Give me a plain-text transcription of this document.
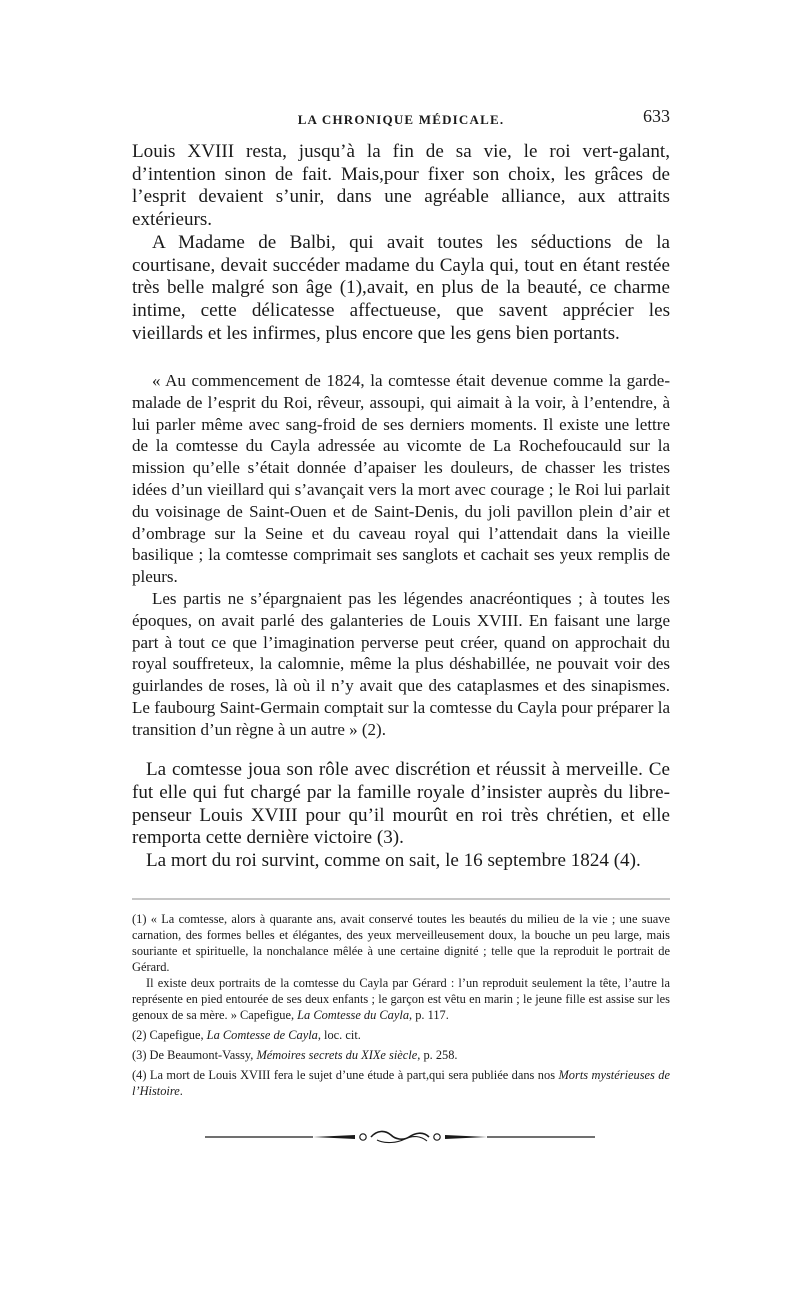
LA CHRONIQUE MÉDICALE.	633

Louis XVIII resta, jusqu’à la fin de sa vie, le roi vert-galant, d’intention sinon de fait. Mais,pour fixer son choix, les grâces de l’esprit devaient s’unir, dans une agréable alliance, aux attraits extérieurs.

A Madame de Balbi, qui avait toutes les séductions de la courtisane, devait succéder madame du Cayla qui, tout en étant restée très belle malgré son âge (1),avait, en plus de la beauté, ce charme intime, cette délicatesse affectueuse, que savent apprécier les vieillards et les infirmes, plus encore que les gens bien portants.

« Au commencement de 1824, la comtesse était devenue comme la garde-malade de l’esprit du Roi, rêveur, assoupi, qui aimait à la voir, à l’entendre, à lui parler même avec sang-froid de ses derniers moments. Il existe une lettre de la comtesse du Cayla adressée au vicomte de La Rochefoucauld sur la mission qu’elle s’était donnée d’apaiser les douleurs, de chasser les tristes idées d’un vieillard qui s’avançait vers la mort avec courage ; le Roi lui parlait du voisinage de Saint-Ouen et de Saint-Denis, du joli pavillon plein d’air et d’ombrage sur la Seine et du caveau royal qui l’attendait dans la vieille basilique ; la comtesse comprimait ses sanglots et cachait ses yeux remplis de pleurs.

Les partis ne s’épargnaient pas les légendes anacréontiques ; à toutes les époques, on avait parlé des galanteries de Louis XVIII. En faisant une large part à tout ce que l’imagination perverse peut créer, quand on approchait du royal souffreteux, la calomnie, même la plus déshabillée, ne pouvait voir des guirlandes de roses, là où il n’y avait que des cataplasmes et des sinapismes. Le faubourg Saint-Germain comptait sur la comtesse du Cayla pour préparer la transition d’un règne à un autre » (2).

La comtesse joua son rôle avec discrétion et réussit à merveille. Ce fut elle qui fut chargé par la famille royale d’insister auprès du libre-penseur Louis XVIII pour qu’il mourût en roi très chrétien, et elle remporta cette dernière victoire (3).

La mort du roi survint, comme on sait, le 16 septembre 1824 (4).

(1) « La comtesse, alors à quarante ans, avait conservé toutes les beautés du milieu de la vie ; une suave carnation, des formes belles et élégantes, des yeux merveilleusement doux, la bouche un peu large, mais souriante et spirituelle, la nonchalance mêlée à une certaine dignité ; telle que la reproduit le portrait de Gérard.

Il existe deux portraits de la comtesse du Cayla par Gérard : l’un reproduit seulement la tête, l’autre la représente en pied entourée de ses deux enfants ; le garçon est vêtu en marin ; le jeune fille est assise sur les genoux de sa mère. » Capefigue, La Comtesse du Cayla, p. 117.

(2) Capefigue, La Comtesse de Cayla, loc. cit.

(3) De Beaumont-Vassy, Mémoires secrets du XIXe siècle, p. 258.

(4) La mort de Louis XVIII fera le sujet d’une étude à part,qui sera publiée dans nos Morts mystérieuses de l’Histoire.
